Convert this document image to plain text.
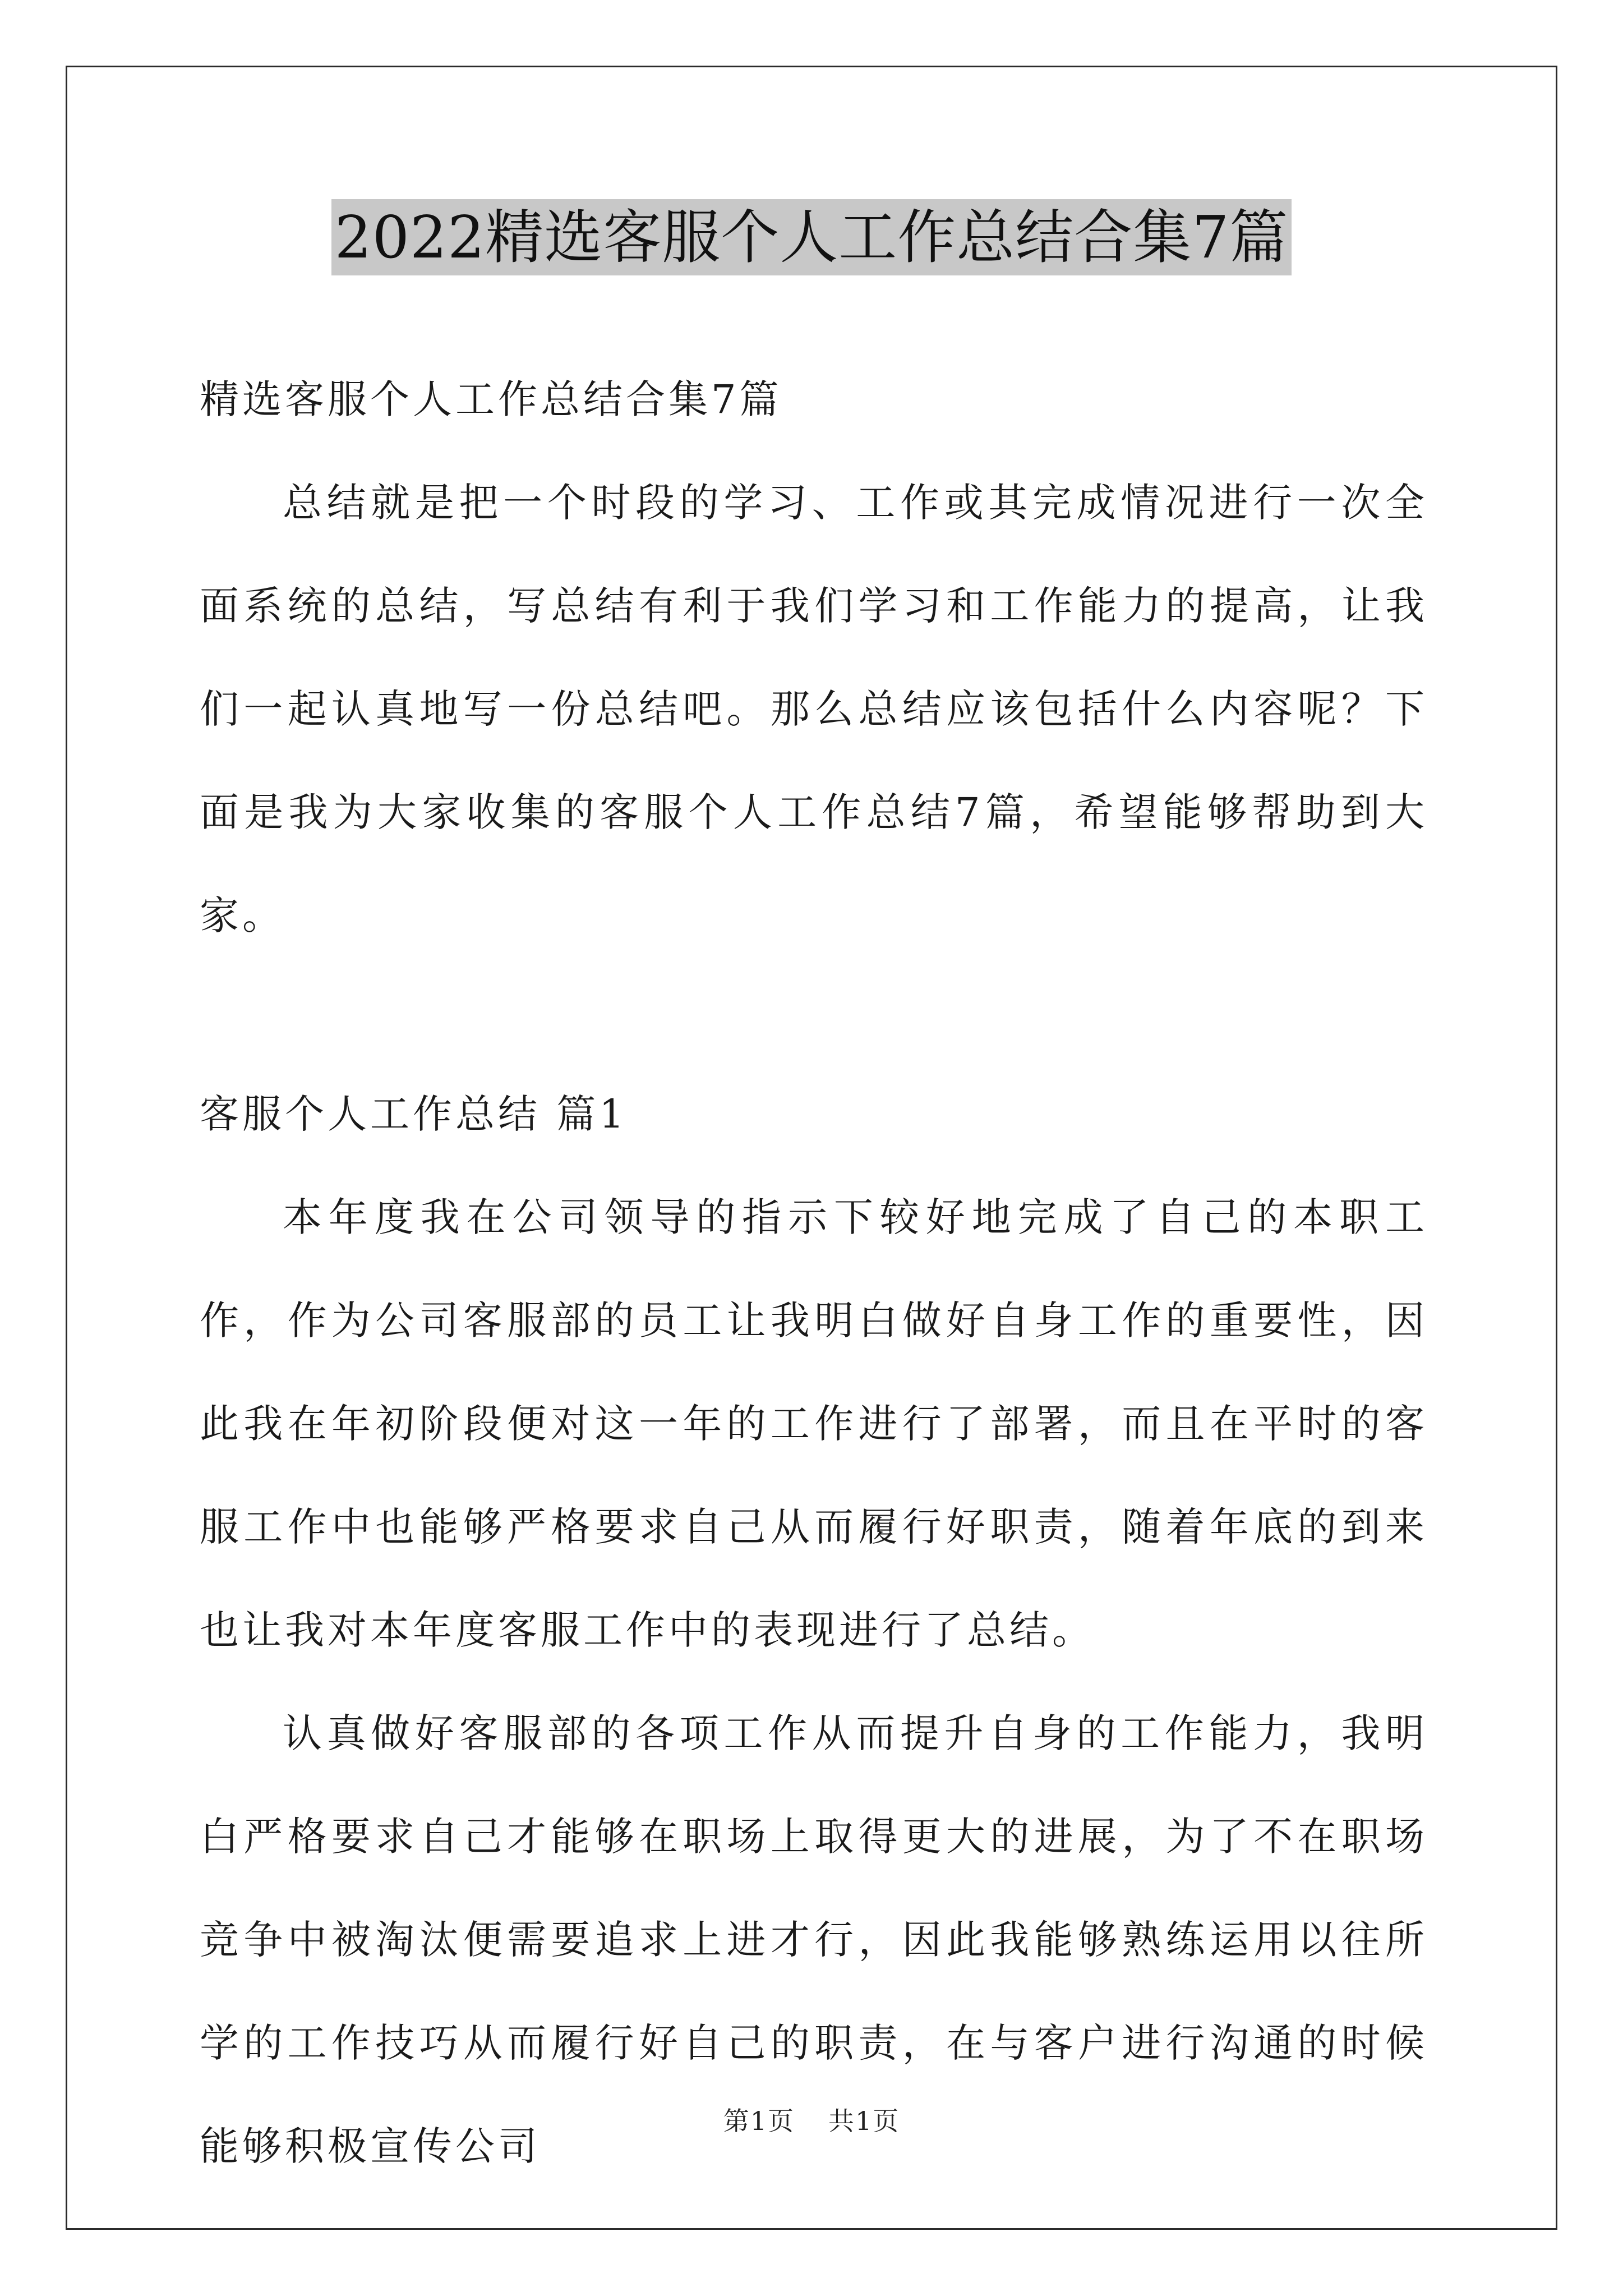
2022精选客服个人工作总结合集7篇

精选客服个人工作总结合集7篇

总结就是把一个时段的学习、工作或其完成情况进行一次全面系统的总结，写总结有利于我们学习和工作能力的提高，让我们一起认真地写一份总结吧。那么总结应该包括什么内容呢？下面是我为大家收集的客服个人工作总结7篇，希望能够帮助到大家。

客服个人工作总结 篇1

本年度我在公司领导的指示下较好地完成了自己的本职工作，作为公司客服部的员工让我明白做好自身工作的重要性，因此我在年初阶段便对这一年的工作进行了部署，而且在平时的客服工作中也能够严格要求自己从而履行好职责，随着年底的到来也让我对本年度客服工作中的表现进行了总结。

认真做好客服部的各项工作从而提升自身的工作能力，我明白严格要求自己才能够在职场上取得更大的进展，为了不在职场竞争中被淘汰便需要追求上进才行，因此我能够熟练运用以往所学的工作技巧从而履行好自己的职责，在与客户进行沟通的时候能够积极宣传公司

第1页 共1页
